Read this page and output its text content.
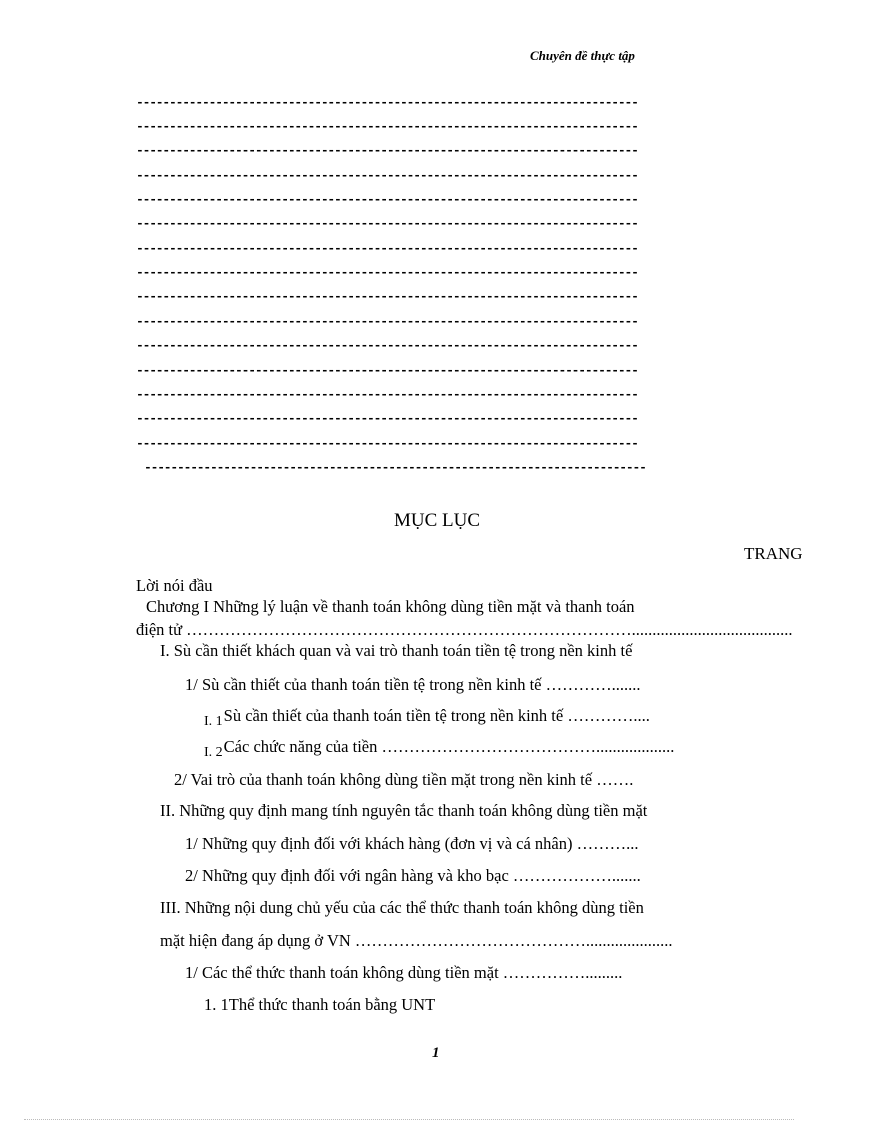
Chuyên đề thực tập
----------------------------------------------------------------------------
----------------------------------------------------------------------------
----------------------------------------------------------------------------
----------------------------------------------------------------------------
----------------------------------------------------------------------------
----------------------------------------------------------------------------
----------------------------------------------------------------------------
----------------------------------------------------------------------------
----------------------------------------------------------------------------
----------------------------------------------------------------------------
----------------------------------------------------------------------------
----------------------------------------------------------------------------
----------------------------------------------------------------------------
----------------------------------------------------------------------------
----------------------------------------------------------------------------
----------------------------------------------------------------------------
MỤC LỤC
TRANG
Lời nói đầu
Chương I Những lý luận về thanh toán không dùng tiền mặt và thanh toán
điện tử ……………………………………………………………………….......................................
I. Sù cần thiết khách quan và vai trò thanh toán tiền tệ trong nền kinh tế
1/ Sù cần thiết của thanh toán tiền tệ trong nền kinh tế ………….......
$_{I. 1}$Sù cần thiết của thanh toán tiền tệ trong nền kinh tế …………....
$_{I. 2}$Các chức năng của tiền …………………………………...................
2/ Vai trò của thanh toán không dùng tiền mặt trong nền kinh tế …….
II. Những quy định mang tính nguyên tắc thanh toán không dùng tiền mặt
1/ Những quy định đối với khách hàng (đơn vị và cá nhân) ………...
2/ Những quy định đối với ngân hàng và kho bạc ……………….......
III. Những nội dung chủ yếu của các thể thức thanh toán không dùng tiền
mặt hiện đang áp dụng ở VN …………………………………….....................
1/ Các thể thức thanh toán không dùng tiền mặt …………….........
1. 1Thể thức thanh toán bằng UNT
1
